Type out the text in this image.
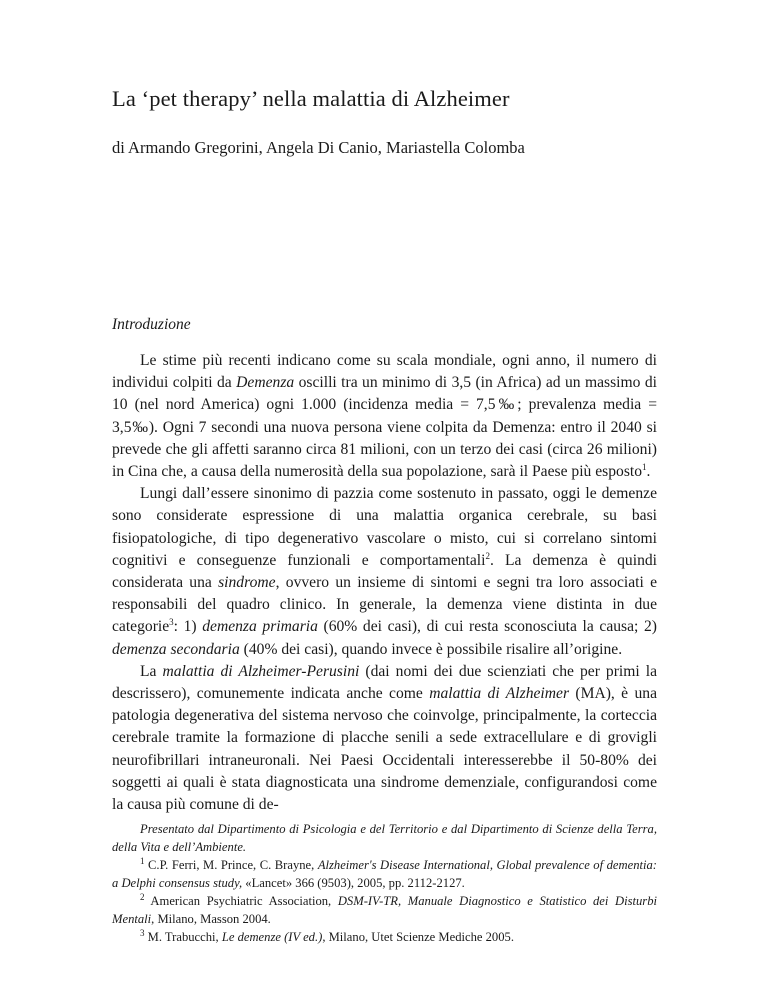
La ‘pet therapy’ nella malattia di Alzheimer
di Armando Gregorini, Angela Di Canio, Mariastella Colomba
Introduzione

Le stime più recenti indicano come su scala mondiale, ogni anno, il numero di individui colpiti da Demenza oscilli tra un minimo di 3,5 (in Africa) ad un massimo di 10 (nel nord America) ogni 1.000 (incidenza media = 7,5‰; prevalenza media = 3,5‰). Ogni 7 secondi una nuova persona viene colpita da Demenza: entro il 2040 si prevede che gli affetti saranno circa 81 milioni, con un terzo dei casi (circa 26 milioni) in Cina che, a causa della numerosità della sua popolazione, sarà il Paese più esposto$^1$.

Lungi dall’essere sinonimo di pazzia come sostenuto in passato, oggi le demenze sono considerate espressione di una malattia organica cerebrale, su basi fisiopatologiche, di tipo degenerativo vascolare o misto, cui si correlano sintomi cognitivi e conseguenze funzionali e comportamentali$^2$. La demenza è quindi considerata una sindrome, ovvero un insieme di sintomi e segni tra loro associati e responsabili del quadro clinico. In generale, la demenza viene distinta in due categorie$^3$: 1) demenza primaria (60% dei casi), di cui resta sconosciuta la causa; 2) demenza secondaria (40% dei casi), quando invece è possibile risalire all’origine.

La malattia di Alzheimer-Perusini (dai nomi dei due scienziati che per primi la descrissero), comunemente indicata anche come malattia di Alzheimer (MA), è una patologia degenerativa del sistema nervoso che coinvolge, principalmente, la corteccia cerebrale tramite la formazione di placche senili a sede extracellulare e di grovigli neurofibrillari intraneuronali. Nei Paesi Occidentali interesserebbe il 50-80% dei soggetti ai quali è stata diagnosticata una sindrome demenziale, configurandosi come la causa più comune di de-

Presentato dal Dipartimento di Psicologia e del Territorio e dal Dipartimento di Scienze della Terra, della Vita e dell’Ambiente.

$^1$ C.P. Ferri, M. Prince, C. Brayne, Alzheimer's Disease International, Global prevalence of dementia: a Delphi consensus study, «Lancet» 366 (9503), 2005, pp. 2112-2127.

$^2$ American Psychiatric Association, DSM-IV-TR, Manuale Diagnostico e Statistico dei Disturbi Mentali, Milano, Masson 2004.

$^3$ M. Trabucchi, Le demenze (IV ed.), Milano, Utet Scienze Mediche 2005.
